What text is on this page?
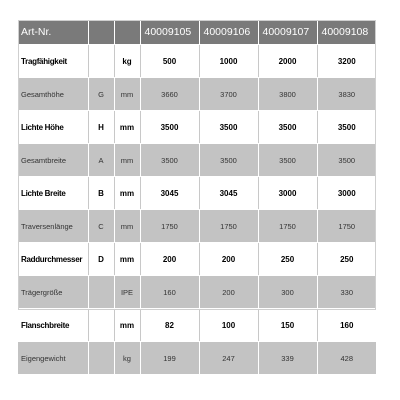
Art-Nr.			40009105	40009106	40009107	40009108
Tragfähigkeit		kg	500	1000	2000	3200
Gesamthöhe	G	mm	3660	3700	3800	3830
Lichte Höhe	H	mm	3500	3500	3500	3500
Gesamtbreite	A	mm	3500	3500	3500	3500
Lichte Breite	B	mm	3045	3045	3000	3000
Traversenlänge	C	mm	1750	1750	1750	1750
Raddurchmesser	D	mm	200	200	250	250
Trägergröße		IPE	160	200	300	330
Flanschbreite		mm	82	100	150	160
Eigengewicht		kg	199	247	339	428
